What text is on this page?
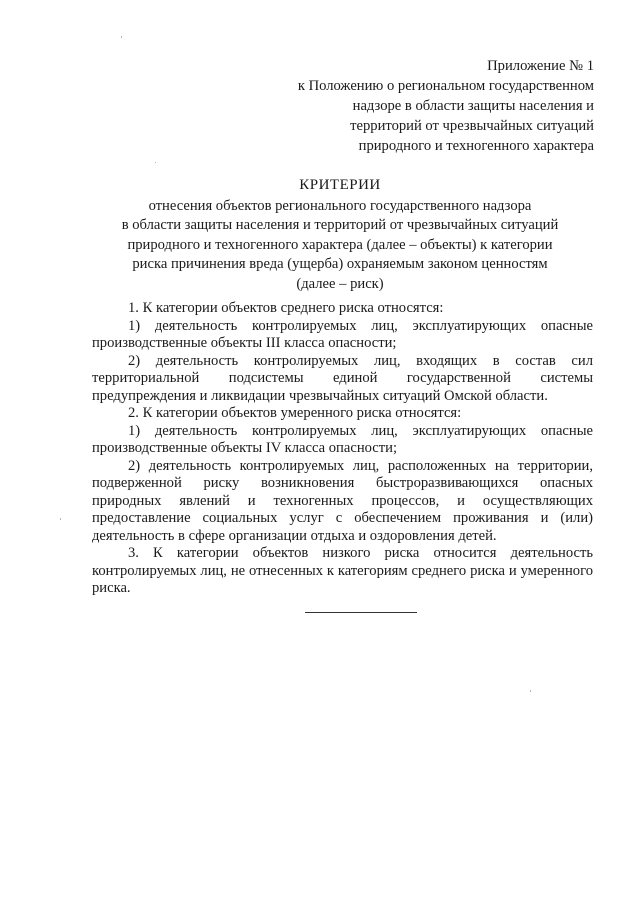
Приложение № 1
к Положению о региональном государственном
надзоре в области защиты населения и
территорий от чрезвычайных ситуаций
природного и техногенного характера
КРИТЕРИИ
отнесения объектов регионального государственного надзора
в области защиты населения и территорий от чрезвычайных ситуаций
природного и техногенного характера (далее – объекты) к категории
риска причинения вреда (ущерба) охраняемым законом ценностям
(далее – риск)
1. К категории объектов среднего риска относятся:
1) деятельность контролируемых лиц, эксплуатирующих опасные производственные объекты III класса опасности;
2) деятельность контролируемых лиц, входящих в состав сил территориальной подсистемы единой государственной системы предупреждения и ликвидации чрезвычайных ситуаций Омской области.
2. К категории объектов умеренного риска относятся:
1) деятельность контролируемых лиц, эксплуатирующих опасные производственные объекты IV класса опасности;
2) деятельность контролируемых лиц, расположенных на территории, подверженной риску возникновения быстроразвивающихся опасных природных явлений и техногенных процессов, и осуществляющих предоставление социальных услуг с обеспечением проживания и (или) деятельность в сфере организации отдыха и оздоровления детей.
3. К категории объектов низкого риска относится деятельность контролируемых лиц, не отнесенных к категориям среднего риска и умеренного риска.
